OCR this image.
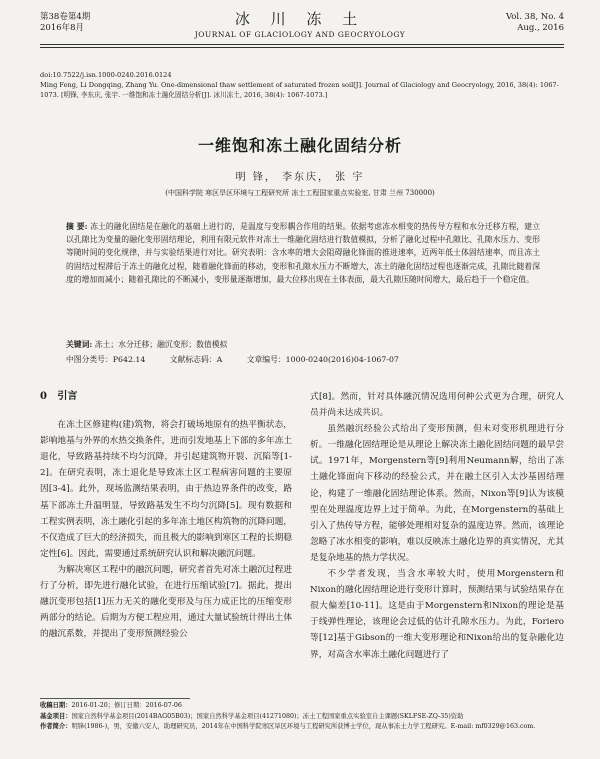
第38卷第4期
2016年8月	冰 川 冻 土
JOURNAL OF GLACIOLOGY AND GEOCRYOLOGY
Vol. 38, No. 4
Aug., 2016
doi:10.7522/j.isn.1000-0240.2016.0124
Ming Feng, Li Dongqing, Zhang Yu. One-dimensional thaw settlement of saturated frozen soil[J]. Journal of Glaciology and Geocryology, 2016, 38(4): 1067-1073. [明锋, 李东庆, 张宇. 一维饱和冻土融化固结分析[J]. 冰川冻土, 2016, 38(4): 1067-1073.]
一维饱和冻土融化固结分析
明 锋， 李东庆， 张 宇
(中国科学院 寒区旱区环境与工程研究所 冻土工程国家重点实验室, 甘肃 兰州 730000)
摘 要: 冻土的融化固结是在融化的基础上进行的，是温度与变形耦合作用的结果。依据考虑冻水相变的热传导方程和水分迁移方程，建立以孔隙比为变量的融化变形固结理论，利用有限元软件对冻土一维融化固结进行数值模拟，分析了融化过程中孔隙比、孔隙水压力、变形等随时间的变化规律，并与实验结果进行对比。研究表明：含水率的增大会阻碍融化锋面的推进速率，近两年低土体固结速率，而且冻土的固结过程滞后于冻土的融化过程，随着融化锋面的移动，变形和孔隙水压力不断增大，冻土的融化固结过程也逐渐完成，孔隙比随着深度的增加而减小；随着孔隙比的不断减小，变形量逐渐增加，最大位移出现在土体表面，最大孔隙压随时间增大，最后趋于一个稳定值。
关键词: 冻土；水分迁移；融沉变形；数值模拟
中图分类号：P642.14	文献标志码：A	文章编号：1000-0240(2016)04-1067-07
0 引言

在冻土区修建构(建)筑物，将会打破场地原有的热平衡状态，影响地基与外界的水热交换条件，进而引发地基上下部的多年冻土退化，导致路基持续不均匀沉降，并引起建筑物开裂、沉陷等[1-2]。在研究表明，冻土退化是导致冻土区工程病害问题的主要原因[3-4]。此外，现场监测结果表明，由于热边界条件的改变，路基下部冻土升温明显，导致路基发生不均匀沉降[5]。现有数据和工程实例表明，冻土融化引起的多年冻土地区构筑物的沉降问题，不仅造成了巨大的经济损失，而且极大的影响到寒区工程的长期稳定性[6]。因此，需要通过系统研究认识和解决融沉问题。

为解决寒区工程中的融沉问题，研究者首先对冻土融沉过程进行了分析，即先进行融化试验，在进行压缩试验[7]。据此，提出融沉变形包括[1]压力无关的融化变形及与压力成正比的压缩变形两部分的结论。后期为方便工程应用，通过大量试验统计得出土体的融沉系数，并提出了变形预测经验公

式[8]。然而，针对具体融沉情况选用何种公式更为合理，研究人员并尚未达成共识。

虽然融沉经验公式给出了变形预测，但未对变形机理进行分析。一维融化固结理论是从理论上解决冻土融化固结问题的最早尝试。1971年，Morgenstern等[9]利用Neumann解，给出了冻土融化锋面向下移动的经验公式，并在融土区引入太沙基固结理论，构建了一维融化固结理论体系。然而，Nixon等[9]认为该模型在处理温度边界上过于简单。为此，在Morgenstern的基础上引入了热传导方程，能够处理相对复杂的温度边界。然而，该理论忽略了冰水相变的影响，难以反映冻土融化边界的真实情况，尤其是复杂地基的热力学状况。

不少学者发现，当含水率较大时，使用Morgenstern和Nixon的融化固结理论进行变形计算时，预测结果与试验结果存在很大偏差[10-11]。这是由于Morgenstern和Nixon的理论是基于线弹性理论，该理论会过低的估计孔隙水压力。为此，Foriero等[12]基于Gibson的一维大变形理论和Nixon给出的复杂融化边界，对高含水率冻土融化问题进行了

收稿日期：2016-01-20；修订日期：2016-07-06
基金项目：国家自然科学基金项目(2014BAG05B03)；国家自然科学基金项目(41271080)；冻土工程国家重点实验室自主课题(SKLFSE-ZQ-35)资助
作者简介：明锋(1986-)，男，安徽六安人，助理研究员，2014年在中国科学院寒区旱区环境与工程研究所获博士学位，现从事冻土力学工程研究。E-mail: mf0329@163.com.
